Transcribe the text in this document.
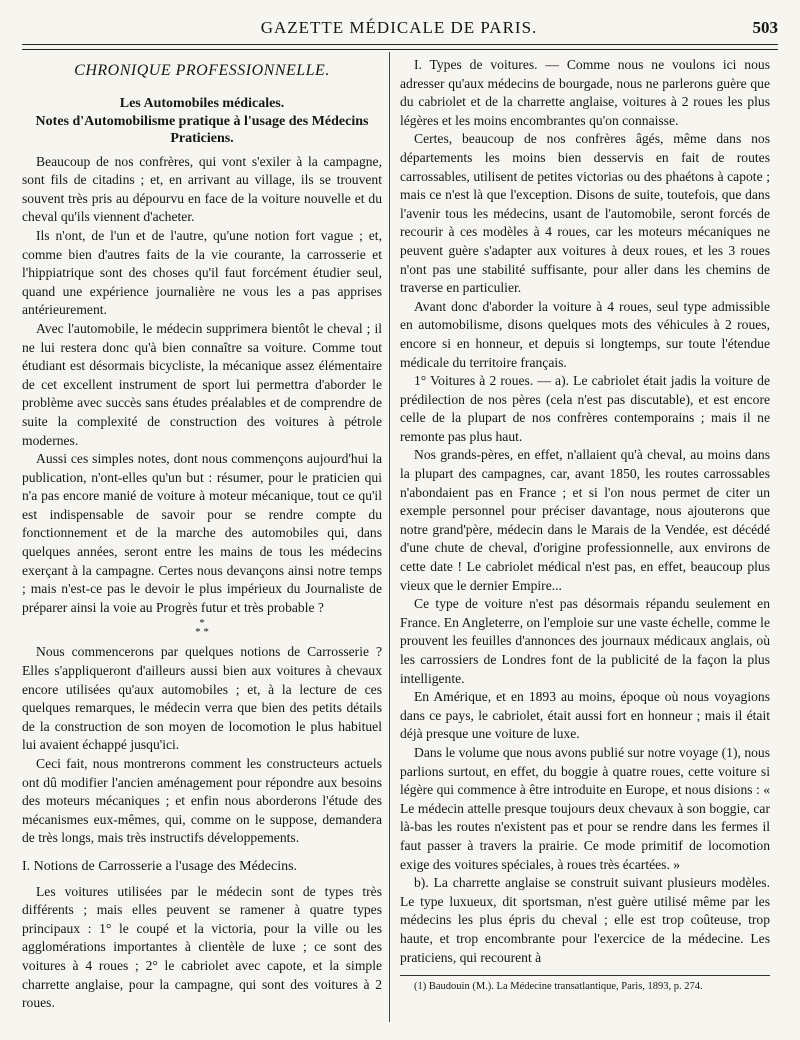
GAZETTE MÉDICALE DE PARIS.	503
CHRONIQUE PROFESSIONNELLE.
Les Automobiles médicales.
Notes d'Automobilisme pratique à l'usage des Médecins Praticiens.

Beaucoup de nos confrères, qui vont s'exiler à la campagne, sont fils de citadins ; et, en arrivant au village, ils se trouvent souvent très pris au dépourvu en face de la voiture nouvelle et du cheval qu'ils viennent d'acheter.

Ils n'ont, de l'un et de l'autre, qu'une notion fort vague ; et, comme bien d'autres faits de la vie courante, la carrosserie et l'hippiatrique sont des choses qu'il faut forcément étudier seul, quand une expérience journalière ne vous les a pas apprises antérieurement.

Avec l'automobile, le médecin supprimera bientôt le cheval ; il ne lui restera donc qu'à bien connaître sa voiture. Comme tout étudiant est désormais bicycliste, la mécanique assez élémentaire de cet excellent instrument de sport lui permettra d'aborder le problème avec succès sans études préalables et de comprendre de suite la complexité de construction des voitures à pétrole modernes.

Aussi ces simples notes, dont nous commençons aujourd'hui la publication, n'ont-elles qu'un but : résumer, pour le praticien qui n'a pas encore manié de voiture à moteur mécanique, tout ce qu'il est indispensable de savoir pour se rendre compte du fonctionnement et de la marche des automobiles qui, dans quelques années, seront entre les mains de tous les médecins exerçant à la campagne. Certes nous devançons ainsi notre temps ; mais n'est-ce pas le devoir le plus impérieux du Journaliste de préparer ainsi la voie au Progrès futur et très probable ?

*
* *

Nous commencerons par quelques notions de Carrosserie ? Elles s'appliqueront d'ailleurs aussi bien aux voitures à chevaux encore utilisées qu'aux automobiles ; et, à la lecture de ces quelques remarques, le médecin verra que bien des petits détails de la construction de son moyen de locomotion le plus habituel lui avaient échappé jusqu'ici.

Ceci fait, nous montrerons comment les constructeurs actuels ont dû modifier l'ancien aménagement pour répondre aux besoins des moteurs mécaniques ; et enfin nous aborderons l'étude des mécanismes eux-mêmes, qui, comme on le suppose, demandera de très longs, mais très instructifs développements.

I. Notions de Carrosserie a l'usage des Médecins.

Les voitures utilisées par le médecin sont de types très différents ; mais elles peuvent se ramener à quatre types principaux : 1° le coupé et la victoria, pour la ville ou les agglomérations importantes à clientèle de luxe ; ce sont des voitures à 4 roues ; 2° le cabriolet avec capote, et la simple charrette anglaise, pour la campagne, qui sont des voitures à 2 roues.

I. Types de voitures. — Comme nous ne voulons ici nous adresser qu'aux médecins de bourgade, nous ne parlerons guère que du cabriolet et de la charrette anglaise, voitures à 2 roues les plus légères et les moins encombrantes qu'on connaisse.

Certes, beaucoup de nos confrères âgés, même dans nos départements les moins bien desservis en fait de routes carrossables, utilisent de petites victorias ou des phaétons à capote ; mais ce n'est là que l'exception. Disons de suite, toutefois, que dans l'avenir tous les médecins, usant de l'automobile, seront forcés de recourir à ces modèles à 4 roues, car les moteurs mécaniques ne peuvent guère s'adapter aux voitures à deux roues, et les 3 roues n'ont pas une stabilité suffisante, pour aller dans les chemins de traverse en particulier.

Avant donc d'aborder la voiture à 4 roues, seul type admissible en automobilisme, disons quelques mots des véhicules à 2 roues, encore si en honneur, et depuis si longtemps, sur toute l'étendue médicale du territoire français.

1° Voitures à 2 roues. — a). Le cabriolet était jadis la voiture de prédilection de nos pères (cela n'est pas discutable), et est encore celle de la plupart de nos confrères contemporains ; mais il ne remonte pas plus haut.

Nos grands-pères, en effet, n'allaient qu'à cheval, au moins dans la plupart des campagnes, car, avant 1850, les routes carrossables n'abondaient pas en France ; et si l'on nous permet de citer un exemple personnel pour préciser davantage, nous ajouterons que notre grand'père, médecin dans le Marais de la Vendée, est décédé d'une chute de cheval, d'origine professionnelle, aux environs de cette date ! Le cabriolet médical n'est pas, en effet, beaucoup plus vieux que le dernier Empire...

Ce type de voiture n'est pas désormais répandu seulement en France. En Angleterre, on l'emploie sur une vaste échelle, comme le prouvent les feuilles d'annonces des journaux médicaux anglais, où les carrossiers de Londres font de la publicité de la façon la plus intelligente.

En Amérique, et en 1893 au moins, époque où nous voyagions dans ce pays, le cabriolet, était aussi fort en honneur ; mais il était déjà presque une voiture de luxe.

Dans le volume que nous avons publié sur notre voyage (1), nous parlions surtout, en effet, du boggie à quatre roues, cette voiture si légère qui commence à être introduite en Europe, et nous disions : « Le médecin attelle presque toujours deux chevaux à son boggie, car là-bas les routes n'existent pas et pour se rendre dans les fermes il faut passer à travers la prairie. Ce mode primitif de locomotion exige des voitures spéciales, à roues très écartées. »

b). La charrette anglaise se construit suivant plusieurs modèles. Le type luxueux, dit sportsman, n'est guère utilisé même par les médecins les plus épris du cheval ; elle est trop coûteuse, trop haute, et trop encombrante pour l'exercice de la médecine. Les praticiens, qui recourent à

(1) Baudouin (M.). La Médecine transatlantique, Paris, 1893, p. 274.
